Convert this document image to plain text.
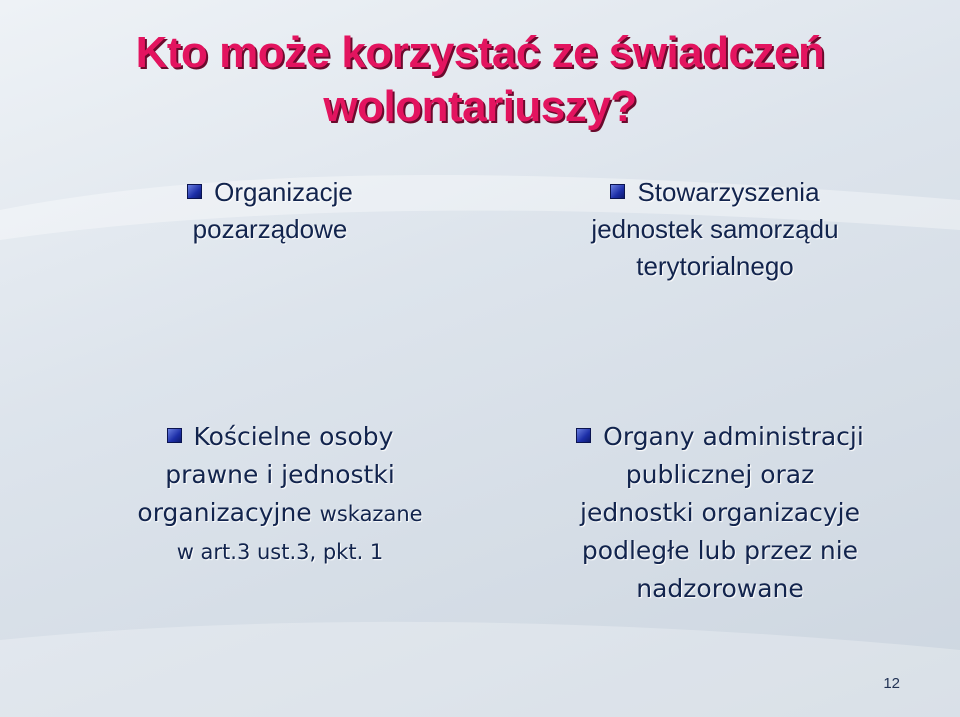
Kto może korzystać ze świadczeń wolontariuszy?
Organizacje
pozarządowe
Stowarzyszenia
jednostek samorządu
terytorialnego
Kościelne osoby
prawne i jednostki
organizacyjne wskazane
w art.3 ust.3, pkt. 1
Organy administracji
publicznej oraz
jednostki organizacyje
podległe lub przez nie
nadzorowane
12
